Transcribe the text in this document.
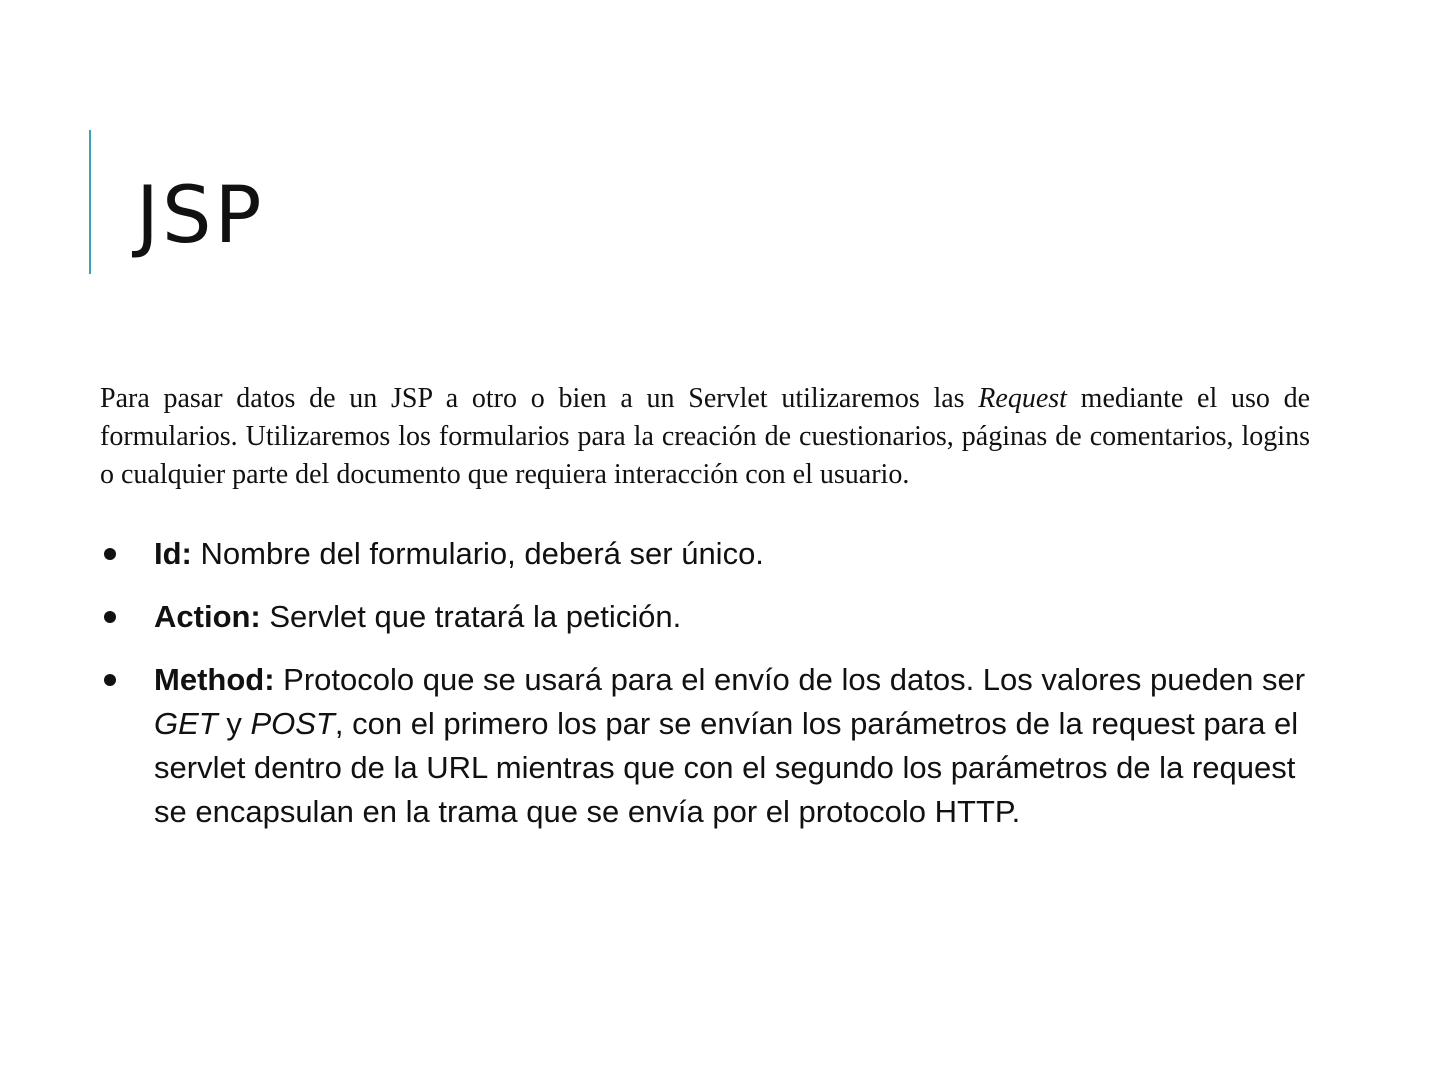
JSP

Para pasar datos de un JSP a otro o bien a un Servlet utilizaremos las Request mediante el uso de formularios. Utilizaremos los formularios para la creación de cuestionarios, páginas de comentarios, logins o cualquier parte del documento que requiera interacción con el usuario.

Id: Nombre del formulario, deberá ser único.
Action: Servlet que tratará la petición.
Method: Protocolo que se usará para el envío de los datos. Los valores pueden ser GET y POST, con el primero los par se envían los parámetros de la request para el servlet dentro de la URL mientras que con el segundo los parámetros de la request se encapsulan en la trama que se envía por el protocolo HTTP.
